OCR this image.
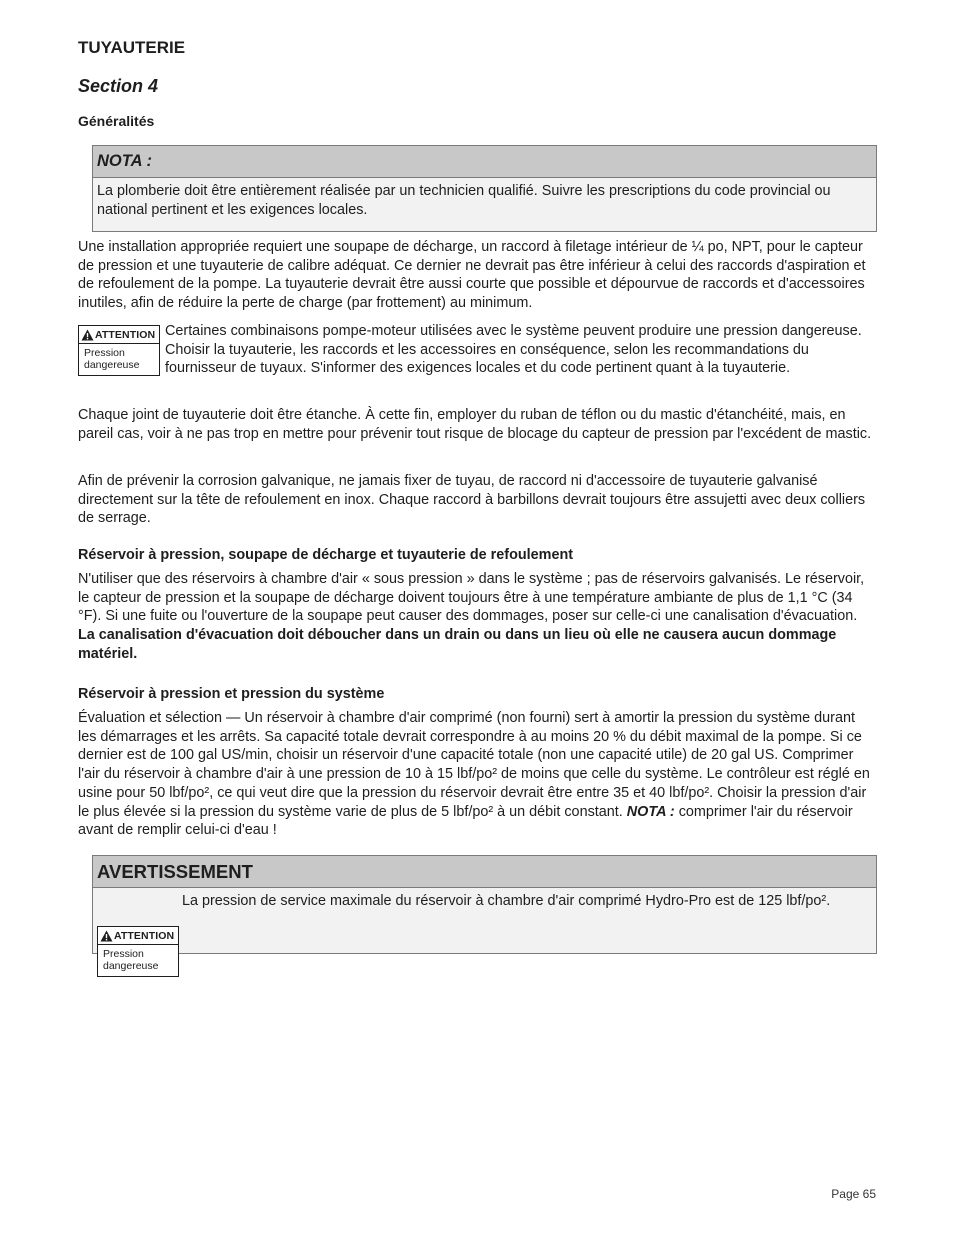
TUYAUTERIE
Section 4
Généralités
NOTA :

La plomberie doit être entièrement réalisée par un technicien qualifié. Suivre les prescriptions du code provincial ou national pertinent et les exigences locales.

Une installation appropriée requiert une soupape de décharge, un raccord à filetage intérieur de ¼ po, NPT, pour le capteur de pression et une tuyauterie de calibre adéquat. Ce dernier ne devrait pas être inférieur à celui des raccords d'aspiration et de refoulement de la pompe. La tuyauterie devrait être aussi courte que possible et dépourvue de raccords et d'accessoires inutiles, afin de réduire la perte de charge (par frottement) au minimum.

ATTENTION
Pression
dangereuse

Certaines combinaisons pompe-moteur utilisées avec le système peuvent produire une pression dangereuse. Choisir la tuyauterie, les raccords et les accessoires en conséquence, selon les recommandations du fournisseur de tuyaux. S'informer des exigences locales et du code pertinent quant à la tuyauterie.

Chaque joint de tuyauterie doit être étanche. À cette fin, employer du ruban de téflon ou du mastic d'étanchéité, mais, en pareil cas, voir à ne pas trop en mettre pour prévenir tout risque de blocage du capteur de pression par l'excédent de mastic.

Afin de prévenir la corrosion galvanique, ne jamais fixer de tuyau, de raccord ni d'accessoire de tuyauterie galvanisé directement sur la tête de refoulement en inox. Chaque raccord à barbillons devrait toujours être assujetti avec deux colliers de serrage.

Réservoir à pression, soupape de décharge et tuyauterie de refoulement

N'utiliser que des réservoirs à chambre d'air « sous pression » dans le système ; pas de réservoirs galvanisés. Le réservoir, le capteur de pression et la soupape de décharge doivent toujours être à une température ambiante de plus de 1,1 °C (34 °F). Si une fuite ou l'ouverture de la soupape peut causer des dommages, poser sur celle-ci une canalisation d'évacuation. La canalisation d'évacuation doit déboucher dans un drain ou dans un lieu où elle ne causera aucun dommage matériel.

Réservoir à pression et pression du système

Évaluation et sélection — Un réservoir à chambre d'air comprimé (non fourni) sert à amortir la pression du système durant les démarrages et les arrêts. Sa capacité totale devrait correspondre à au moins 20 % du débit maximal de la pompe. Si ce dernier est de 100 gal US/min, choisir un réservoir d'une capacité totale (non une capacité utile) de 20 gal US. Comprimer l'air du réservoir à chambre d'air à une pression de 10 à 15 lbf/po² de moins que celle du système. Le contrôleur est réglé en usine pour 50 lbf/po², ce qui veut dire que la pression du réservoir devrait être entre 35 et 40 lbf/po². Choisir la pression d'air le plus élevée si la pression du système varie de plus de 5 lbf/po² à un débit constant. NOTA : comprimer l'air du réservoir avant de remplir celui-ci d'eau !

AVERTISSEMENT
ATTENTION
Pression
dangereuse

La pression de service maximale du réservoir à chambre d'air comprimé Hydro-Pro est de 125 lbf/po².

Page 65
